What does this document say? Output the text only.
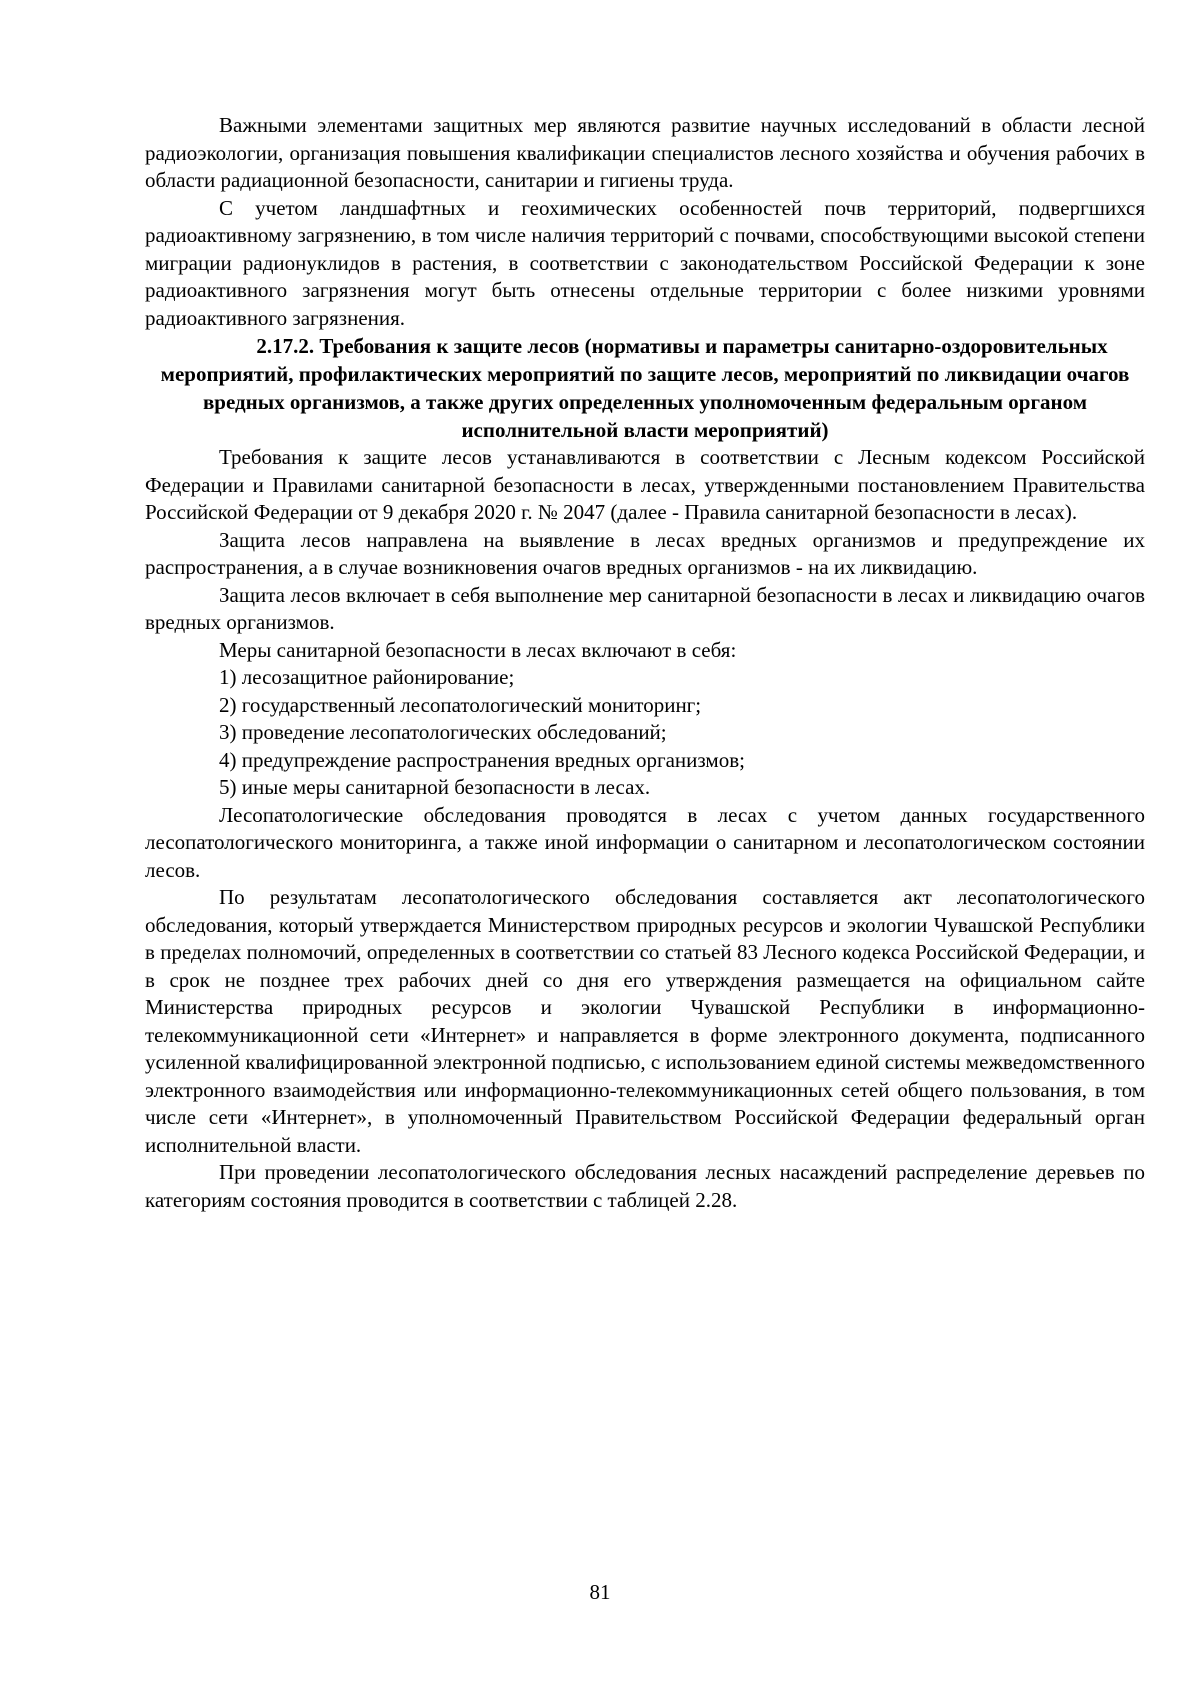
Важными элементами защитных мер являются развитие научных исследований в области лесной радиоэкологии, организация повышения квалификации специалистов лесного хозяйства и обучения рабочих в области радиационной безопасности, санитарии и гигиены труда.

С учетом ландшафтных и геохимических особенностей почв территорий, подвергшихся радиоактивному загрязнению, в том числе наличия территорий с почвами, способствующими высокой степени миграции радионуклидов в растения, в соответствии с законодательством Российской Федерации к зоне радиоактивного загрязнения могут быть отнесены отдельные территории с более низкими уровнями радиоактивного загрязнения.

2.17.2. Требования к защите лесов (нормативы и параметры санитарно-оздоровительных мероприятий, профилактических мероприятий по защите лесов, мероприятий по ликвидации очагов вредных организмов, а также других определенных уполномоченным федеральным органом исполнительной власти мероприятий)

Требования к защите лесов устанавливаются в соответствии с Лесным кодексом Российской Федерации и Правилами санитарной безопасности в лесах, утвержденными постановлением Правительства Российской Федерации от 9 декабря 2020 г. № 2047 (далее - Правила санитарной безопасности в лесах).

Защита лесов направлена на выявление в лесах вредных организмов и предупреждение их распространения, а в случае возникновения очагов вредных организмов - на их ликвидацию.

Защита лесов включает в себя выполнение мер санитарной безопасности в лесах и ликвидацию очагов вредных организмов.

Меры санитарной безопасности в лесах включают в себя:

1) лесозащитное районирование;

2) государственный лесопатологический мониторинг;

3) проведение лесопатологических обследований;

4) предупреждение распространения вредных организмов;

5) иные меры санитарной безопасности в лесах.

Лесопатологические обследования проводятся в лесах с учетом данных государственного лесопатологического мониторинга, а также иной информации о санитарном и лесопатологическом состоянии лесов.

По результатам лесопатологического обследования составляется акт лесопатологического обследования, который утверждается Министерством природных ресурсов и экологии Чувашской Республики в пределах полномочий, определенных в соответствии со статьей 83 Лесного кодекса Российской Федерации, и в срок не позднее трех рабочих дней со дня его утверждения размещается на официальном сайте Министерства природных ресурсов и экологии Чувашской Республики в информационно-телекоммуникационной сети «Интернет» и направляется в форме электронного документа, подписанного усиленной квалифицированной электронной подписью, с использованием единой системы межведомственного электронного взаимодействия или информационно-телекоммуникационных сетей общего пользования, в том числе сети «Интернет», в уполномоченный Правительством Российской Федерации федеральный орган исполнительной власти.

При проведении лесопатологического обследования лесных насаждений распределение деревьев по категориям состояния проводится в соответствии с таблицей 2.28.

81
